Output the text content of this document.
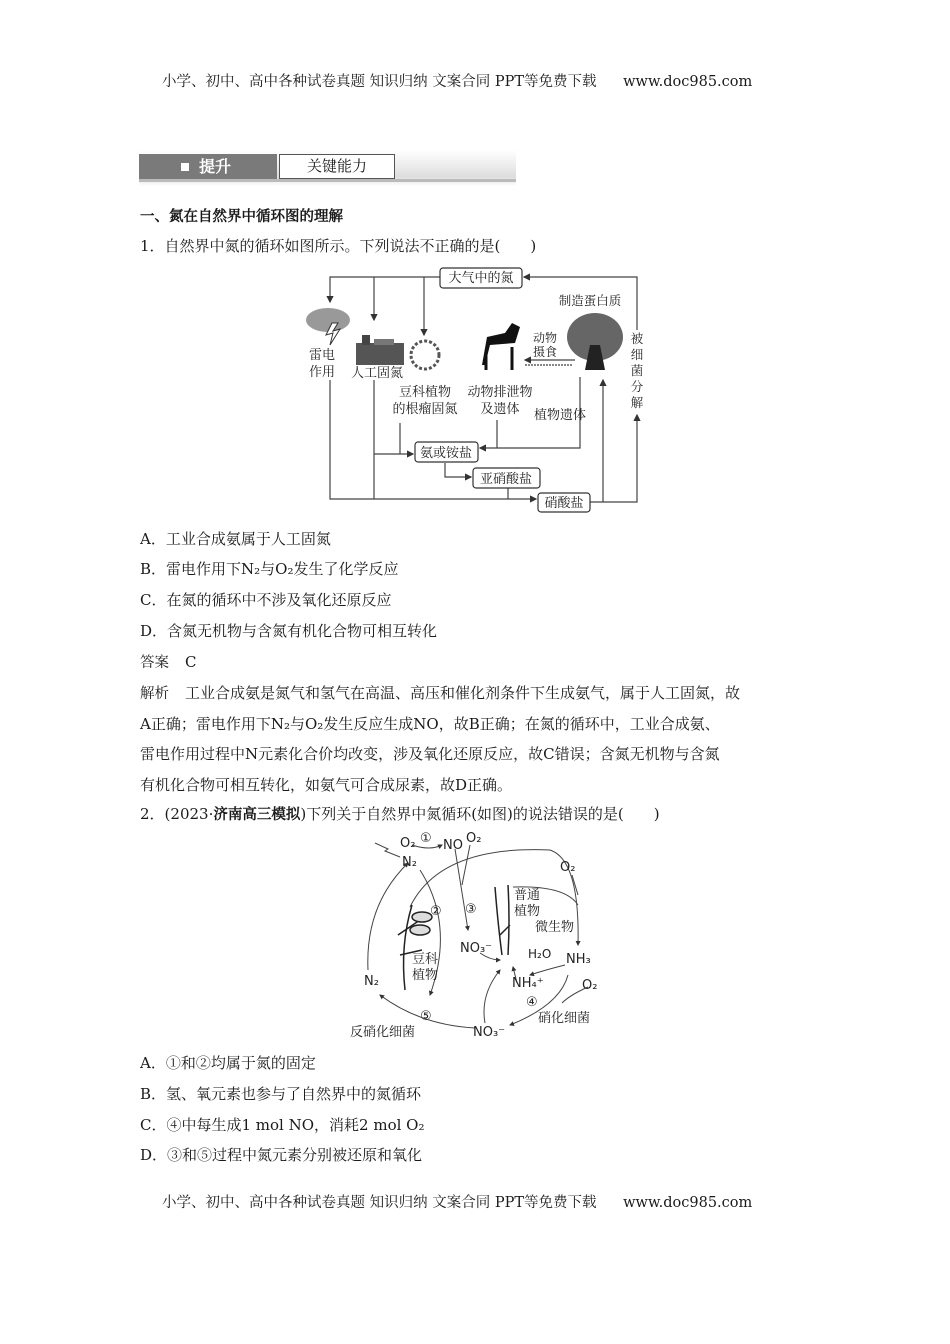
小学、初中、高中各种试卷真题 知识归纳 文案合同 PPT等免费下载 www.doc985.com
提升	关键能力
一、氮在自然界中循环图的理解
1．自然界中氮的循环如图所示。下列说法不正确的是(　　)
大气中的氮
制造蛋白质
动物
摄食
雷电
作用 人工固氮
豆科植物
的根瘤固氮
动物排泄物
及遗体 植物遗体
被
细
菌
分
解
氨或铵盐
亚硝酸盐
硝酸盐
A．工业合成氨属于人工固氮
B．雷电作用下N₂与O₂发生了化学反应
C．在氮的循环中不涉及氧化还原反应
D．含氮无机物与含氮有机化合物可相互转化
答案 C
解析 工业合成氨是氮气和氢气在高温、高压和催化剂条件下生成氨气，属于人工固氮，故
A正确；雷电作用下N₂与O₂发生反应生成NO，故B正确；在氮的循环中，工业合成氨、
雷电作用过程中N元素化合价均改变，涉及氧化还原反应，故C错误；含氮无机物与含氮
有机化合物可相互转化，如氨气可合成尿素，故D正确。
2．(2023·济南高三模拟)下列关于自然界中氮循环(如图)的说法错误的是(　　)
O₂ ① NO O₂
N₂
② ③
NO₃⁻
普通
植物
微生物
O₂
H₂O NH₃
NH₄⁺	O₂
④
硝化细菌
⑤
反硝化细菌	NO₃⁻
N₂
豆科
植物
A．①和②均属于氮的固定
B．氢、氧元素也参与了自然界中的氮循环
C．④中每生成1 mol NO，消耗2 mol O₂
D．③和⑤过程中氮元素分别被还原和氧化
小学、初中、高中各种试卷真题 知识归纳 文案合同 PPT等免费下载 www.doc985.com
